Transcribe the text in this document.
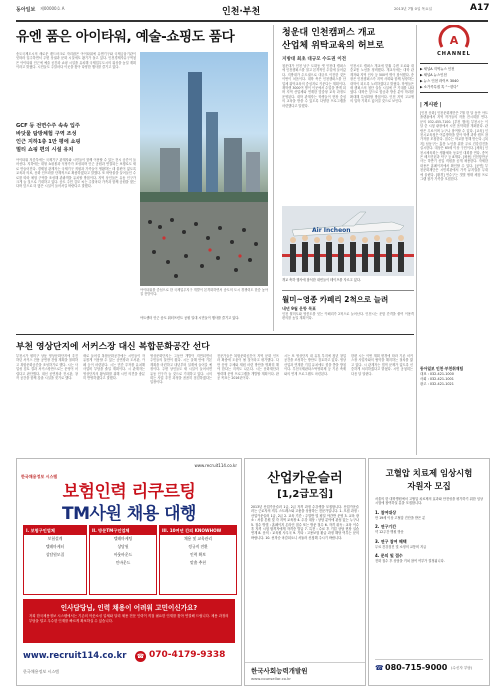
동아일보 제00000호 A	인천·부천	2013년 7월 0일 목요일	A17
유엔 품은 아이타워, 예술-쇼핑도 품다
송도국제도시의 새로운 랜드마크로 자리잡은 아이타워에 유엔기구와 국제금융기관이 잇따라 입주하면서 주변 상권과 문화 시설에도 활기가 돌고 있다. 인천경제자유구역청은 아이타워 인근에 예술 공간과 쇼핑 시설을 유치해 국제업무도시의 위상을 높일 계획이라고 밝혔다. 시민들도 주말마다 이곳을 찾아 다양한 행사를 즐기고 있다.
GCF 등 전면수주 속속 입주
바닷물 탐방체험 구역 조성
인근 지하1층 1만 평에 쇼핑
멀티 쇼핑 편의 시설 유치
아이타워 저층부에는 국제기구 관계자와 시민들이 함께 이용할 수 있는 전시 공간이 들어선다. 지하에는 대형 쇼핑몰과 식당가가 조성되며 인근 공원과 연결되는 보행로도 새로 만들어진다. 경제청 관계자는 국제기구 직원과 가족들이 생활하는 데 불편이 없도록 교육과 의료, 문화 인프라를 단계적으로 확충하겠다고 말했다. 또 바닷물을 끌어들인 수로를 따라 체험 구역을 조성해 관광객을 유치할 방침이다. 지역 상인들은 유동 인구가 크게 늘 것으로 기대하고 있다. 송도 주민 김모 씨는 주말마다 가족과 함께 공원을 찾는다며 앞으로 더 많은 시설이 들어서길 바란다고 말했다.
아이타워를 중심으로 한 국제업무지구 개발이 본격화하면서 송도의 도시 경쟁력도 한층 높아질 전망이다.
아트센터 인근 송도 워터프런트 공원 일대 시민들이 행사를 즐기고 있다.
청운대 인천캠퍼스 개교
산업체 위탁교육의 허브로
지방대 최초 대규모 수도권 이전
청운대가 인천 남구 도화동 옛 인천대 캠퍼스에 인천캠퍼스를 열고 본격적인 수업에 들어갔다. 지방대가 수도권으로 대규모 이전한 것은 이번이 처음이다. 대학 측은 인천캠퍼스를 산업체 위탁교육의 중심지로 키운다는 계획이다. 재학생 3000여 명이 이곳에서 수업을 받게 되며 지역 산업체와 연계한 맞춤형 교육 과정도 운영된다. 대학 관계자는 학생들이 현장 중심의 교육을 받을 수 있도록 다양한 프로그램을 마련했다고 말했다.
인천시도 캠퍼스 개교에 맞춰 주변 도로와 대중교통 노선을 정비했다. 개교식에는 대학 관계자와 지역 인사 등 500여 명이 참석했다. 총장은 인천캠퍼스가 지역 사회와 함께 성장하는 대학이 되도록 노력하겠다고 밝혔다. 학생들은 새 캠퍼스의 첨단 실습 시설에 큰 기대를 나타냈다. 대학은 앞으로 항공과 방송 분야 학과를 확대해 특성화할 방침이다. 인천 지역 고교생의 입학 기회도 넓어질 것으로 보인다.
Air Incheon
개교 축하 행사에 참석한 내빈들이 테이프를 자르고 있다.
월미~영종 카페리 2척으로 늘려
내년 9월 운항 목표
인천 월미도와 영종도를 잇는 카페리가 2척으로 늘어난다. 인천시는 운항 간격을 줄여 이용객 편의를 높일 계획이다.
A
CHANNEL
▶ 채널A 지역뉴스 인천
▶ 채널A 뉴스인천
▶ 뉴스 인천 라이브 3040
▶ 소가족특집 톡 “~한다”
| 게시판 |
[인천 문화] 인천문화재단은 7월 한 달 동안 아트플랫폼에서 지역 작가들의 작품 전시회를 연다. 문의 032-455-7100. [부천 행사] 부천시는 이달 중 시청 광장에서 시민 음악회를 개최한다. 관람은 무료이며 누구나 참여할 수 있다. [교육] 인천시교육청은 여름방학을 맞아 학생 과학 캠프 참가자를 모집한다. 접수는 학교를 통해 받는다. [복지] 남동구는 홀몸 노인을 위한 무료 건강검진을 실시한다. 대상은 65세 이상 구민이다. [체육] 인천시체육회는 생활체육 동호인 대회를 연다. 종목은 배드민턴과 탁구 등 8개다. [채용] 인천항만공사는 하반기 신입 직원을 공개 채용한다. 자세한 내용은 홈페이지에서 확인할 수 있다. [공연] 부천문화재단은 시민회관에서 가족 뮤지컬을 무대에 올린다. [환경] 연수구는 갯벌 생태 체험 프로그램 참가 가족을 모집한다.
동아일보 인천·부천취재팀
대표 : 032-421-1000
사회 : 032-421-1001
광고 : 032-421-1021
부천 영상단지에 서커스장 대신 복합문화공간 선다
부천시가 원미구 상동 영상문화단지에 추진하던 서커스 전용 공연장 건립 계획을 철회하고 복합문화공간을 조성하기로 했다. 시는 사업성 검토 결과 서커스장만으로는 운영이 어렵다고 판단했다. 대신 공연장과 전시관, 창작 공간을 함께 갖춘 시설을 짓기로 했다.
새로 들어설 복합문화공간에는 시민들이 자유롭게 이용할 수 있는 공연장과 도서관, 카페 등이 마련된다. 시는 민간 투자를 유치해 사업비 부담을 줄일 계획이다. 시 관계자는 영상단지의 활성화를 위해 시민 의견을 충분히 반영하겠다고 말했다.
영상문화단지는 그동안 개발이 지연되면서 주민들의 불만이 컸다. 시는 올해 안에 기본 계획을 마련하고 내년부터 설계에 들어갈 예정이다. 주변 상인들도 새 시설이 들어서면 유동 인구가 늘 것으로 기대하고 있다. 시의회는 사업 추진 과정을 꼼꼼히 점검하겠다는 입장이다.
전문가들은 복합문화공간이 지역 문화 인프라 확충에 도움이 될 것이라고 평가했다. 다만 운영 주체와 재원 마련 방안을 명확히 해야 한다는 지적도 나온다. 시는 문화재단과 협력해 운영 프로그램을 개발할 계획이다. 완공 목표는 2016년이다.
시는 또 영상단지 내 유휴 부지에 청년 창업 공간을 조성하는 방안도 검토하고 있다. 영상 산업과 연계한 기업 유치에도 힘을 쏟을 방침이다. 부천국제판타스틱영화제 등 기존 축제와의 연계 프로그램도 마련된다.
한편 시는 이번 계획 변경에 따라 기존 서커스장 사업자와의 협약을 해지하는 절차를 밟고 있다. 시 관계자는 법적 문제가 없도록 신중하게 처리하겠다고 밝혔다. 시민 공청회는 다음 달 열린다.
한국채용정보 시스템
www.recruit114.co.kr
보험인력 리쿠르팅
TM사원 채용 대행
I. 보험구인업체
보험설계
텔레마케터
상담원모집
II. 방문TM구인업체
텔레마케팅
상담원
아웃바운드
인바운드
III. 10여년 간의 KNOWHOW
채용 및 교육관리
정규직 전환
인력 확보
맞춤 추천
인사담당님, 인력 채용이 어려워 고민이신가요?
저희 한국채용정보 시스템에서는 기존의 아웃소싱 업체와 달리 채용 전문 인력이 직접 필요한 인재를 찾아 연결해 드립니다. 채용 과정의 부담을 덜고 우수한 인재를 빠르게 확보하실 수 있습니다.
www.recruit114.co.kr ☎ 070-4179-9338
한국채용정보 시스템
산업카운슬러
[1,2급모집]
2013년 산업카운슬러 1급, 2급 자격 과정 수강생을 모집합니다. 산업카운슬러는 근로자의 직무 스트레스와 고충을 상담하는 전문가입니다. 1. 모집 과정 : 산업카운슬러 1급, 2급 2. 교육 기간 : 주말반 및 평일 야간반 운영 3. 교육 장소 : 서울 본원 및 각 지역 교육장 4. 수강 대상 : 상담 분야에 관심 있는 누구나 5. 접수 방법 : 홈페이지 온라인 접수 또는 방문 접수 6. 자격 취득 : 교육 이수 후 자격 시험 합격자에게 자격증 발급 7. 특전 : 수료 후 기업 상담 현장 실습 연계 8. 문의 : 교육원 사무국 9. 기타 : 고용보험 환급 과정 해당 여부는 문의 바랍니다. 10. 선착순 마감되오니 서둘러 신청해 주시기 바랍니다.
한국사회능력개발원
www.counsellor.co.kr
고혈압 치료제 임상시험
자원자 모집
서울의 한 대학병원에서 고혈압 치료제의 효과와 안전성을 평가하기 위한 임상시험에 참여하실 분을 모집합니다.
1. 참여대상
만 19세 이상 고혈압 진단을 받은 분
2. 연구기간
약 12주간 병원 방문
3. 연구 참여 혜택
무료 건강검진 및 소정의 교통비 지급
4. 문의 및 접수
전화 접수 후 상담을 거쳐 참여 여부가 결정됩니다.
☎ 080-715-9000 (수신자 부담)
